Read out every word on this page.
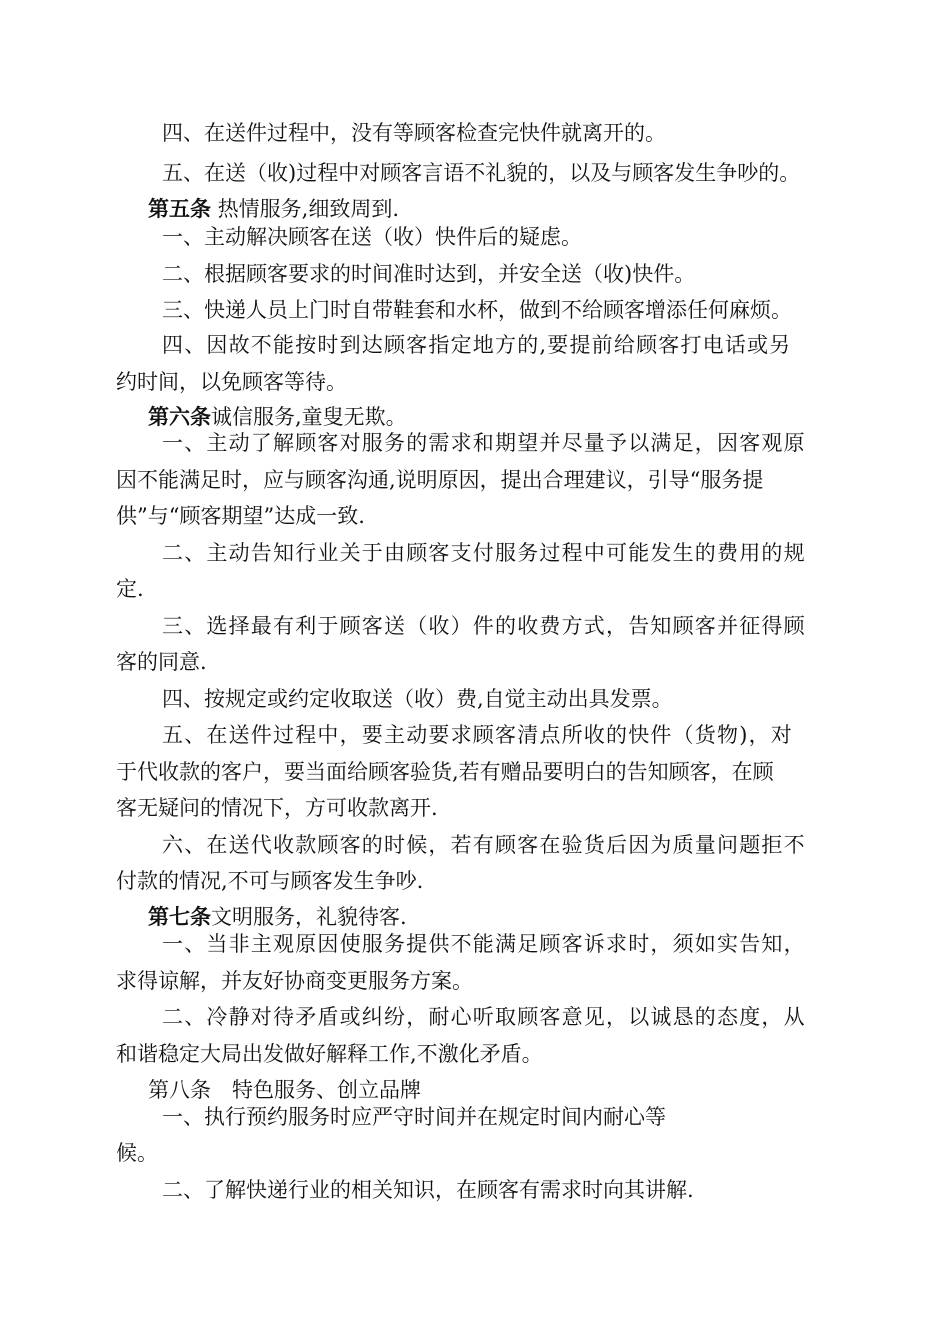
四、在送件过程中，没有等顾客检查完快件就离开的。

五、在送（收)过程中对顾客言语不礼貌的，以及与顾客发生争吵的。

第五条 热情服务,细致周到.

一、主动解决顾客在送（收）快件后的疑虑。

二、根据顾客要求的时间准时达到，并安全送（收)快件。

三、快递人员上门时自带鞋套和水杯，做到不给顾客增添任何麻烦。

四、因故不能按时到达顾客指定地方的,要提前给顾客打电话或另

约时间，以免顾客等待。

第六条诚信服务,童叟无欺。

一、主动了解顾客对服务的需求和期望并尽量予以满足，因客观原

因不能满足时，应与顾客沟通,说明原因，提出合理建议，引导“服务提

供”与“顾客期望”达成一致.

二、主动告知行业关于由顾客支付服务过程中可能发生的费用的规

定.

三、选择最有利于顾客送（收）件的收费方式，告知顾客并征得顾

客的同意.

四、按规定或约定收取送（收）费,自觉主动出具发票。

五、在送件过程中，要主动要求顾客清点所收的快件（货物)，对

于代收款的客户，要当面给顾客验货,若有赠品要明白的告知顾客，在顾

客无疑问的情况下，方可收款离开.

六、在送代收款顾客的时候，若有顾客在验货后因为质量问题拒不

付款的情况,不可与顾客发生争吵.

第七条文明服务，礼貌待客.

一、当非主观原因使服务提供不能满足顾客诉求时，须如实告知，

求得谅解，并友好协商变更服务方案。

二、冷静对待矛盾或纠纷，耐心听取顾客意见，以诚恳的态度，从

和谐稳定大局出发做好解释工作,不激化矛盾。

第八条　特色服务、创立品牌

一、执行预约服务时应严守时间并在规定时间内耐心等

候。

二、了解快递行业的相关知识，在顾客有需求时向其讲解.
